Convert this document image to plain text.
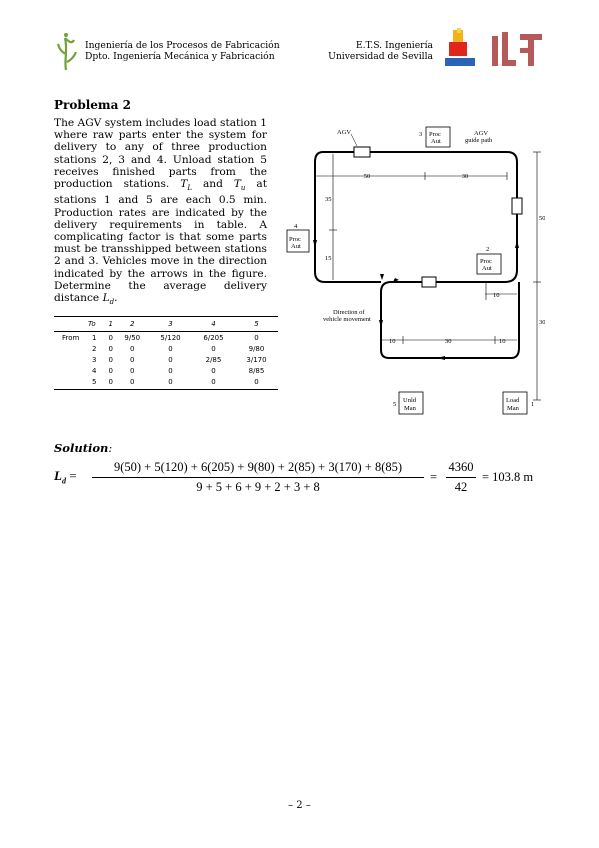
Ingeniería de los Procesos de Fabricación
Dpto. Ingeniería Mecánica y Fabricación
E.T.S. Ingeniería
Universidad de Sevilla
Problema 2
The AGV system includes load station 1 where raw parts enter the system for delivery to any of three production stations 2, 3 and 4. Unload station 5 receives finished parts from the production stations. $T_L$ and $T_u$ at stations 1 and 5 are each 0.5 min. Production rates are indicated by the delivery requirements in table. A complicating factor is that some parts must be transshipped between stations 2 and 3. Vehicles move in the direction indicated by the arrows in the figure. Determine the average delivery distance $L_d$.
	To	1	2	3	4	5
From	1	0	9/50	5/120	6/205	0
	2	0	0	0	0	9/80
	3	0	0	0	2/85	3/170
	4	0	0	0	0	8/85
	5	0	0	0	0	0
AGV	AGV
guide path
3 Proc
Aut
4
Proc
Aut	2
Proc
Aut
5
Unld
Man
1
Load
Man
50	30
35
15
50
10
30
10	30	10
Direction of
vehicle movement
Solution:
$L_d$ =
9(50) + 5(120) + 6(205) + 9(80) + 2(85) + 3(170) + 8(85)
9 + 5 + 6 + 9 + 2 + 3 + 8
=
4360
42
= 103.8 m
– 2 –
